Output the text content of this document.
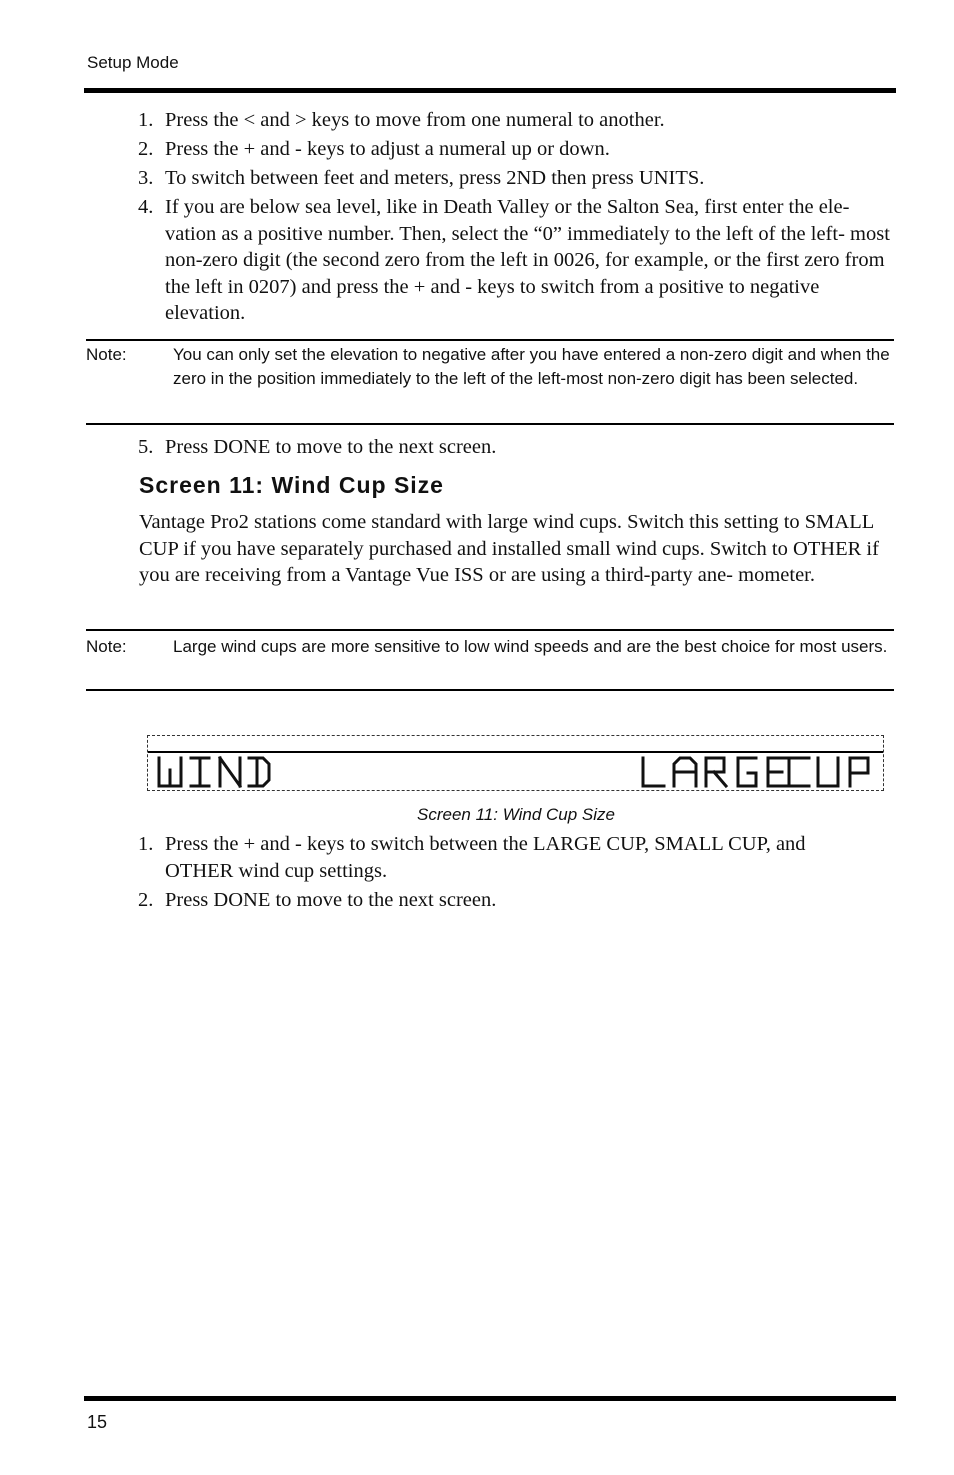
Setup Mode
1. Press the < and > keys to move from one numeral to another.
2. Press the + and - keys to adjust a numeral up or down.
3. To switch between feet and meters, press 2ND then press UNITS.
4. If you are below sea level, like in Death Valley or the Salton Sea, first enter the ele- vation as a positive number. Then, select the “0” immediately to the left of the left- most non-zero digit (the second zero from the left in 0026, for example, or the first zero from the left in 0207) and press the + and - keys to switch from a positive to negative elevation.
Note:	You can only set the elevation to negative after you have entered a non-zero digit and when the zero in the position immediately to the left of the left-most non-zero digit has been selected.
5. Press DONE to move to the next screen.
Screen 11: Wind Cup Size
Vantage Pro2 stations come standard with large wind cups. Switch this setting to SMALL CUP if you have separately purchased and installed small wind cups. Switch to OTHER if you are receiving from a Vantage Vue ISS or are using a third-party ane- mometer.
Note:	Large wind cups are more sensitive to low wind speeds and are the best choice for most users.
Screen 11: Wind Cup Size
1. Press the + and - keys to switch between the LARGE CUP, SMALL CUP, and OTHER wind cup settings.
2. Press DONE to move to the next screen.
15
